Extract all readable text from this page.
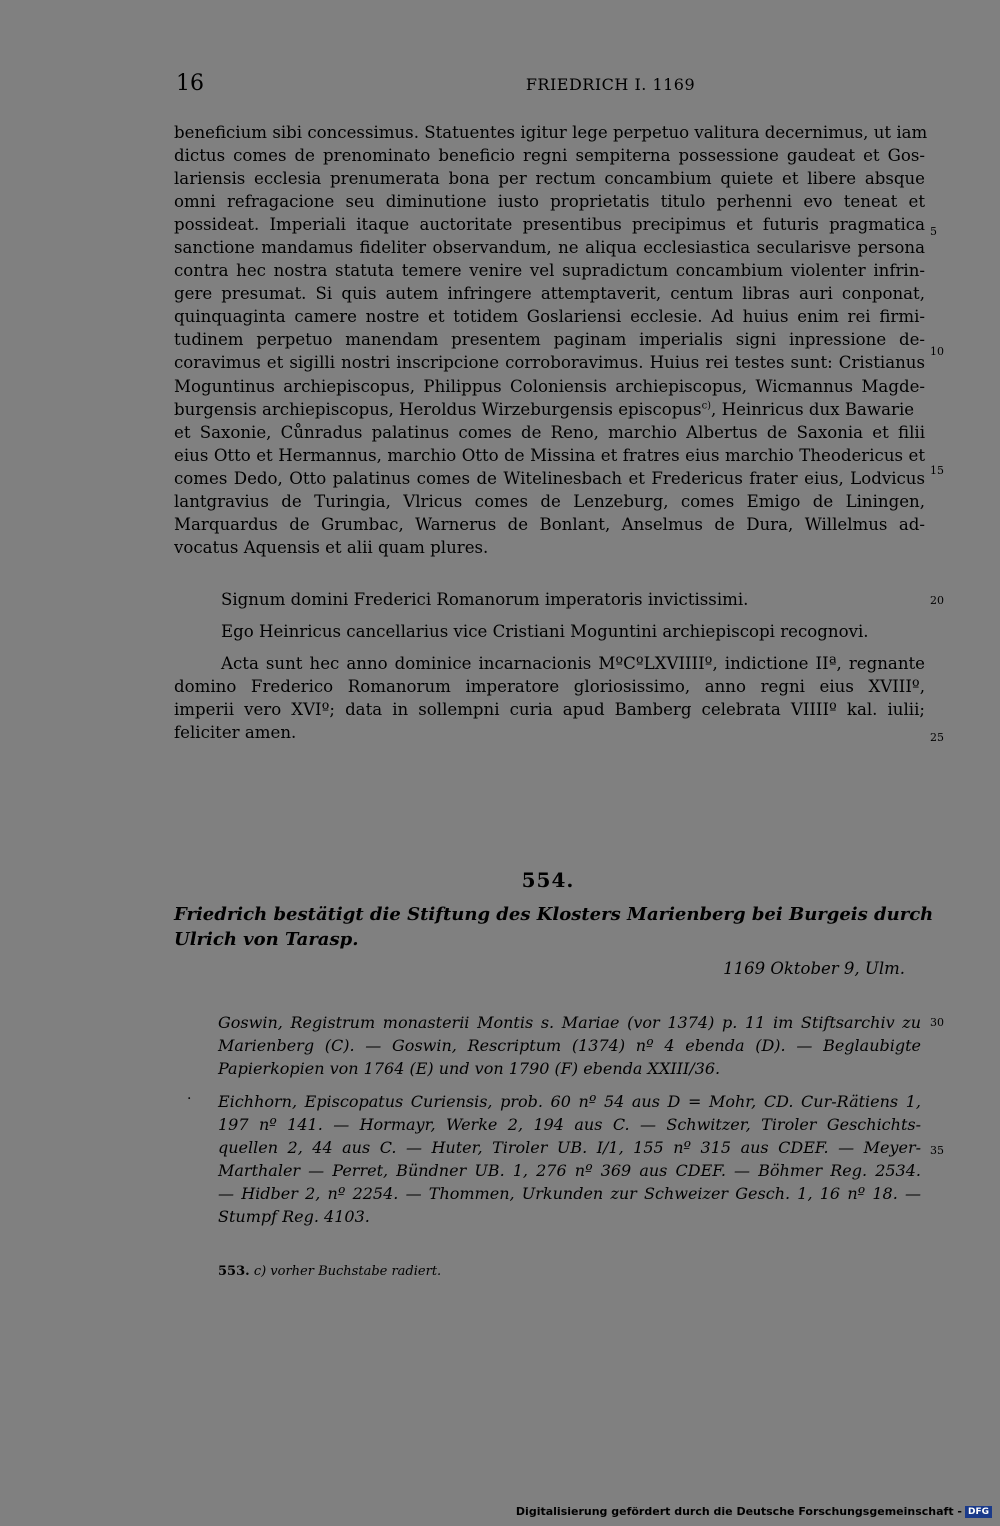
16	FRIEDRICH I. 1169
beneficium sibi concessimus. Statuentes igitur lege perpetuo valitura decernimus, ut iam
dictus comes de prenominato beneficio regni sempiterna possessione gaudeat et Gos-
lariensis ecclesia prenumerata bona per rectum concambium quiete et libere absque
omni refragacione seu diminutione iusto proprietatis titulo perhenni evo teneat et
possideat. Imperiali itaque auctoritate presentibus precipimus et futuris pragmatica
sanctione mandamus fideliter observandum, ne aliqua ecclesiastica secularisve persona
contra hec nostra statuta temere venire vel supradictum concambium violenter infrin-
gere presumat. Si quis autem infringere attemptaverit, centum libras auri conponat,
quinquaginta camere nostre et totidem Goslariensi ecclesie. Ad huius enim rei firmi-
tudinem perpetuo manendam presentem paginam imperialis signi inpressione de-
coravimus et sigilli nostri inscripcione corroboravimus. Huius rei testes sunt: Cristianus
Moguntinus archiepiscopus, Philippus Coloniensis archiepiscopus, Wicmannus Magde-
burgensis archiepiscopus, Heroldus Wirzeburgensis episcopus$^{c)}$, Heinricus dux Bawarie
et Saxonie, Cůnradus palatinus comes de Reno, marchio Albertus de Saxonia et filii
eius Otto et Hermannus, marchio Otto de Missina et fratres eius marchio Theodericus et
comes Dedo, Otto palatinus comes de Witelinesbach et Fredericus frater eius, Lodvicus
lantgravius de Turingia, Vlricus comes de Lenzeburg, comes Emigo de Liningen,
Marquardus de Grumbac, Warnerus de Bonlant, Anselmus de Dura, Willelmus ad-
vocatus Aquensis et alii quam plures.
Signum domini Frederici Romanorum imperatoris invictissimi.
Ego Heinricus cancellarius vice Cristiani Moguntini archiepiscopi recognovi.
Acta sunt hec anno dominice incarnacionis MºCºLXVIIIIº, indictione IIª, regnante
domino Frederico Romanorum imperatore gloriosissimo, anno regni eius XVIIIº,
imperii vero XVIº; data in sollempni curia apud Bamberg celebrata VIIIIº kal. iulii;
feliciter amen.
5
10
15
20
25
30
35
554.
Friedrich bestätigt die Stiftung des Klosters Marienberg bei Burgeis durch
Ulrich von Tarasp.
1169 Oktober 9, Ulm.
Goswin, Registrum monasterii Montis s. Mariae (vor 1374) p. 11 im Stiftsarchiv zu
Marienberg (C). — Goswin, Rescriptum (1374) nº 4 ebenda (D). — Beglaubigte
Papierkopien von 1764 (E) und von 1790 (F) ebenda XXIII/36.
· Eichhorn, Episcopatus Curiensis, prob. 60 nº 54 aus D = Mohr, CD. Cur-Rätiens 1,
197 nº 141. — Hormayr, Werke 2, 194 aus C. — Schwitzer, Tiroler Geschichts-
quellen 2, 44 aus C. — Huter, Tiroler UB. I/1, 155 nº 315 aus CDEF. — Meyer-
Marthaler — Perret, Bündner UB. 1, 276 nº 369 aus CDEF. — Böhmer Reg. 2534.
— Hidber 2, nº 2254. — Thommen, Urkunden zur Schweizer Gesch. 1, 16 nº 18. —
Stumpf Reg. 4103.
553. c) vorher Buchstabe radiert.
Digitalisierung gefördert durch die Deutsche Forschungsgemeinschaft - DFG
